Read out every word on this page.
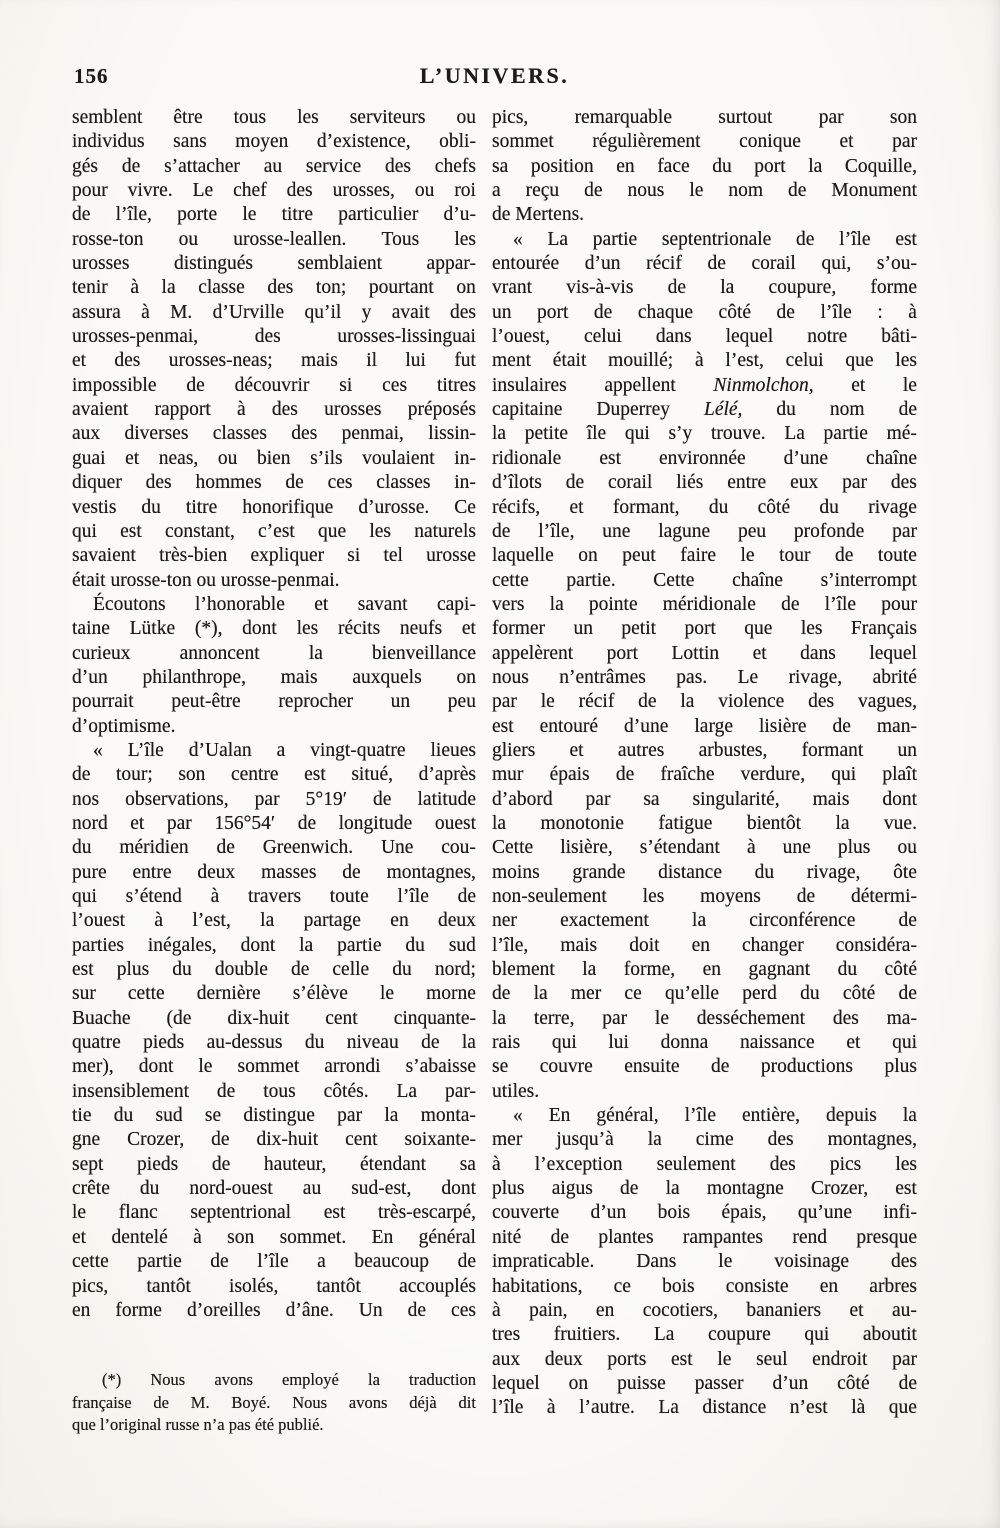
156	L’UNIVERS.
semblent être tous les serviteurs ou
individus sans moyen d’existence, obli-
gés de s’attacher au service des chefs
pour vivre. Le chef des urosses, ou roi
de l’île, porte le titre particulier d’u-
rosse-ton ou urosse-leallen. Tous les
urosses distingués semblaient appar-
tenir à la classe des ton; pourtant on
assura à M. d’Urville qu’il y avait des
urosses-penmai,	des	urosses-lissinguai
et des urosses-neas; mais il lui fut
impossible de découvrir si ces titres
avaient rapport à des urosses préposés
aux diverses classes des penmai, lissin-
guai et neas, ou bien s’ils voulaient in-
diquer des hommes de ces classes in-
vestis du titre honorifique d’urosse. Ce
qui est constant, c’est que les naturels
savaient très-bien expliquer si tel urosse
était urosse-ton ou urosse-penmai.
Écoutons l’honorable et savant capi-
taine Lütke (*), dont les récits neufs et
curieux	annoncent	la	bienveillance
d’un philanthrope, mais auxquels on
pourrait peut-être reprocher un peu
d’optimisme.
« L’île d’Ualan a vingt-quatre lieues
de tour; son centre est situé, d’après
nos observations, par 5°19′ de latitude
nord et par 156°54′ de longitude ouest
du méridien de Greenwich. Une cou-
pure entre deux masses de montagnes,
qui s’étend à travers toute l’île de
l’ouest à l’est, la partage en deux
parties inégales, dont la partie du sud
est plus du double de celle du nord;
sur cette dernière s’élève le morne
Buache (de dix-huit cent cinquante-
quatre pieds au-dessus du niveau de la
mer), dont le sommet arrondi s’abaisse
insensiblement de tous côtés. La par-
tie du sud se distingue par la monta-
gne Crozer, de dix-huit cent soixante-
sept pieds de hauteur, étendant sa
crête du nord-ouest au sud-est, dont
le flanc septentrional est très-escarpé,
et dentelé à son sommet. En général
cette partie de l’île a beaucoup de
pics, tantôt isolés, tantôt accouplés
en forme d’oreilles d’âne. Un de ces
(*) Nous avons employé la traduction
française de M. Boyé. Nous avons déjà dit
que l’original russe n’a pas été publié.
pics, remarquable surtout par son
sommet régulièrement conique et par
sa position en face du port la Coquille,
a reçu de nous le nom de Monument
de Mertens.
« La partie septentrionale de l’île est
entourée d’un récif de corail qui, s’ou-
vrant vis-à-vis de la coupure, forme
un port de chaque côté de l’île : à
l’ouest, celui dans lequel notre bâti-
ment était mouillé; à l’est, celui que les
insulaires appellent Ninmolchon, et le
capitaine Duperrey Lélé, du nom de
la petite île qui s’y trouve. La partie mé-
ridionale est environnée d’une chaîne
d’îlots de corail liés entre eux par des
récifs, et formant, du côté du rivage
de l’île, une lagune peu profonde par
laquelle on peut faire le tour de toute
cette partie. Cette chaîne s’interrompt
vers la pointe méridionale de l’île pour
former un petit port que les Français
appelèrent port Lottin et dans lequel
nous n’entrâmes pas. Le rivage, abrité
par le récif de la violence des vagues,
est entouré d’une large lisière de man-
gliers et autres arbustes, formant un
mur épais de fraîche verdure, qui plaît
d’abord par sa singularité, mais dont
la monotonie fatigue bientôt la vue.
Cette lisière, s’étendant à une plus ou
moins grande distance du rivage, ôte
non-seulement les moyens de détermi-
ner exactement la circonférence de
l’île, mais doit en changer considéra-
blement la forme, en gagnant du côté
de la mer ce qu’elle perd du côté de
la terre, par le desséchement des ma-
rais qui lui donna naissance et qui
se couvre ensuite de productions plus
utiles.
« En général, l’île entière, depuis la
mer jusqu’à la cime des montagnes,
à l’exception seulement des pics les
plus aigus de la montagne Crozer, est
couverte d’un bois épais, qu’une infi-
nité de plantes rampantes rend presque
impraticable. Dans le voisinage des
habitations, ce bois consiste en arbres
à pain, en cocotiers, bananiers et au-
tres fruitiers. La coupure qui aboutit
aux deux ports est le seul endroit par
lequel on puisse passer d’un côté de
l’île à l’autre. La distance n’est là que
